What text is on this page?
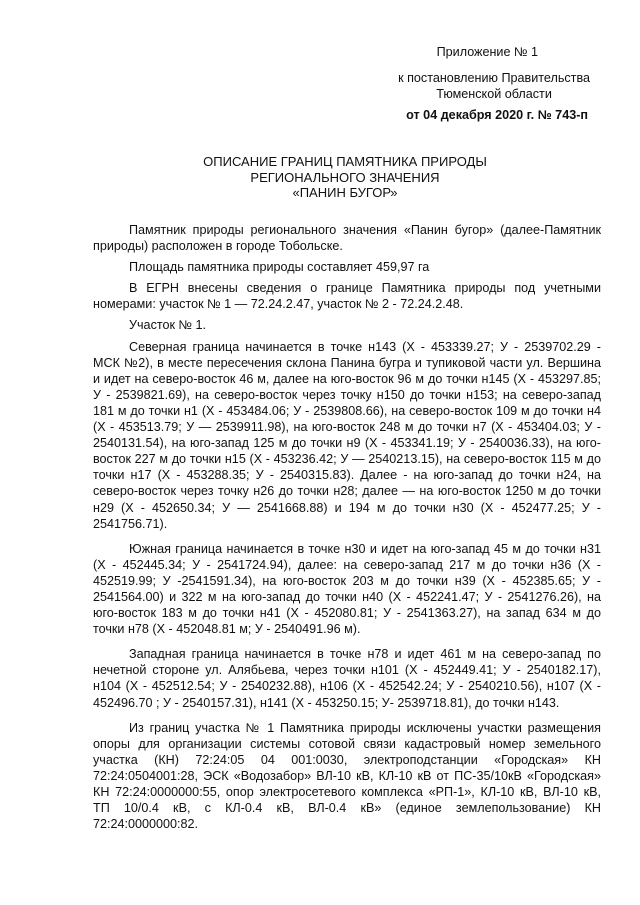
Приложение № 1
к постановлению Правительства
Тюменской области
от 04 декабря 2020 г. № 743-п
ОПИСАНИЕ ГРАНИЦ ПАМЯТНИКА ПРИРОДЫ
РЕГИОНАЛЬНОГО ЗНАЧЕНИЯ
«ПАНИН БУГОР»

Памятник природы регионального значения «Панин бугор» (далее-Памятник природы) расположен в городе Тобольске.

Площадь памятника природы составляет 459,97 га

В ЕГРН внесены сведения о границе Памятника природы под учетными номерами: участок № 1 — 72.24.2.47, участок № 2 - 72.24.2.48.

Участок № 1.

Северная граница начинается в точке н143 (Х - 453339.27; У - 2539702.29 - МСК №2), в месте пересечения склона Панина бугра и тупиковой части ул. Вершина и идет на северо-восток 46 м, далее на юго-восток 96 м до точки н145 (Х - 453297.85; У - 2539821.69), на северо-восток через точку н150 до точки н153; на северо-запад 181 м до точки н1 (Х - 453484.06; У - 2539808.66), на северо-восток 109 м до точки н4 (Х - 453513.79; У — 2539911.98), на юго-восток 248 м до точки н7 (Х - 453404.03; У - 2540131.54), на юго-запад 125 м до точки н9 (Х - 453341.19; У - 2540036.33), на юго-восток 227 м до точки н15 (Х - 453236.42; У — 2540213.15), на северо-восток 115 м до точки н17 (Х - 453288.35; У - 2540315.83). Далее - на юго-запад до точки н24, на северо-восток через точку н26 до точки н28; далее — на юго-восток 1250 м до точки н29 (Х - 452650.34; У — 2541668.88) и 194 м до точки н30 (Х - 452477.25; У - 2541756.71).

Южная граница начинается в точке н30 и идет на юго-запад 45 м до точки н31 (Х - 452445.34; У - 2541724.94), далее: на северо-запад 217 м до точки н36 (Х - 452519.99; У -2541591.34), на юго-восток 203 м до точки н39 (Х - 452385.65; У - 2541564.00) и 322 м на юго-запад до точки н40 (Х - 452241.47; У - 2541276.26), на юго-восток 183 м до точки н41 (Х - 452080.81; У - 2541363.27), на запад 634 м до точки н78 (Х - 452048.81 м; У - 2540491.96 м).

Западная граница начинается в точке н78 и идет 461 м на северо-запад по нечетной стороне ул. Алябьева, через точки н101 (Х - 452449.41; У - 2540182.17), н104 (Х - 452512.54; У - 2540232.88), н106 (Х - 452542.24; У - 2540210.56), н107 (Х - 452496.70 ; У - 2540157.31), н141 (Х - 453250.15; У- 2539718.81), до точки н143.

Из границ участка № 1 Памятника природы исключены участки размещения опоры для организации системы сотовой связи кадастровый номер земельного участка (КН) 72:24:05 04 001:0030, электроподстанции «Городская» КН 72:24:0504001:28, ЭСК «Водозабор» ВЛ-10 кВ, КЛ-10 кВ от ПС-35/10кВ «Городская» КН 72:24:0000000:55, опор электросетевого комплекса «РП-1», КЛ-10 кВ, ВЛ-10 кВ, ТП 10/0.4 кВ, с КЛ-0.4 кВ, ВЛ-0.4 кВ» (единое землепользование) КН 72:24:0000000:82.
